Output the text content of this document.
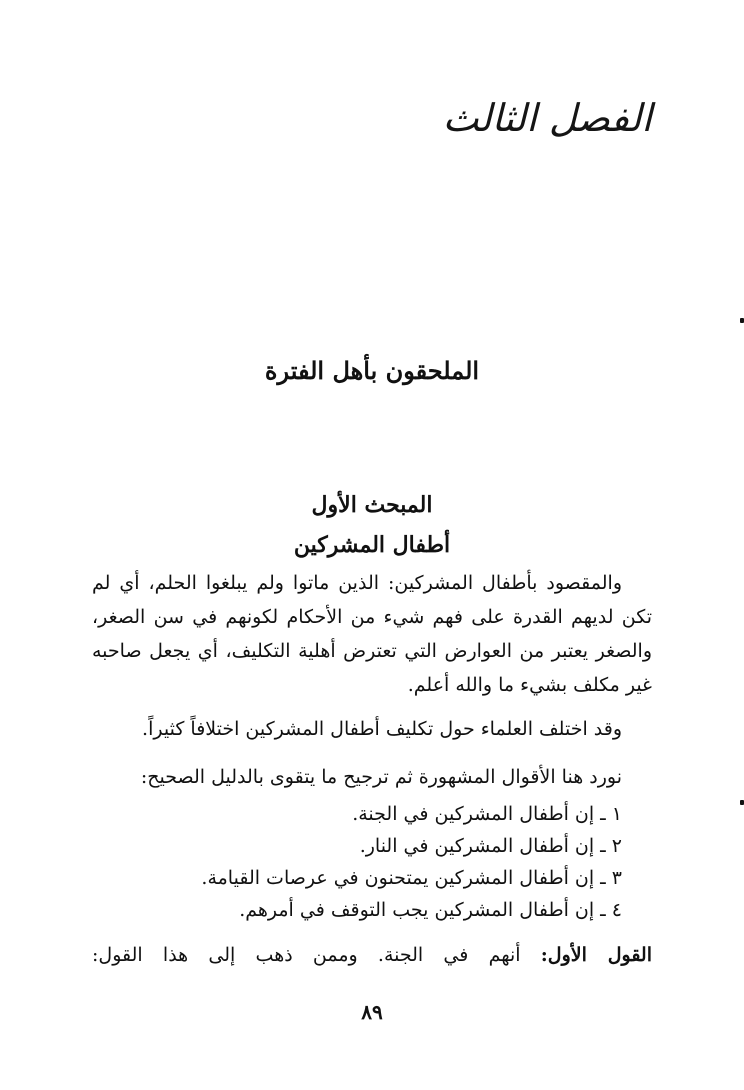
الفصل الثالث
الملحقون بأهل الفترة
المبحث الأول
أطفال المشركين

والمقصود بأطفال المشركين: الذين ماتوا ولم يبلغوا الحلم، أي لم تكن لديهم القدرة على فهم شيء من الأحكام لكونهم في سن الصغر، والصغر يعتبر من العوارض التي تعترض أهلية التكليف، أي يجعل صاحبه غير مكلف بشيء ما والله أعلم.

وقد اختلف العلماء حول تكليف أطفال المشركين اختلافاً كثيراً.

نورد هنا الأقوال المشهورة ثم ترجيح ما يتقوى بالدليل الصحيح:

١ ـ إن أطفال المشركين في الجنة.
٢ ـ إن أطفال المشركين في النار.
٣ ـ إن أطفال المشركين يمتحنون في عرصات القيامة.
٤ ـ إن أطفال المشركين يجب التوقف في أمرهم.

القول الأول: أنهم في الجنة. وممن ذهب إلى هذا القول:

٨٩
